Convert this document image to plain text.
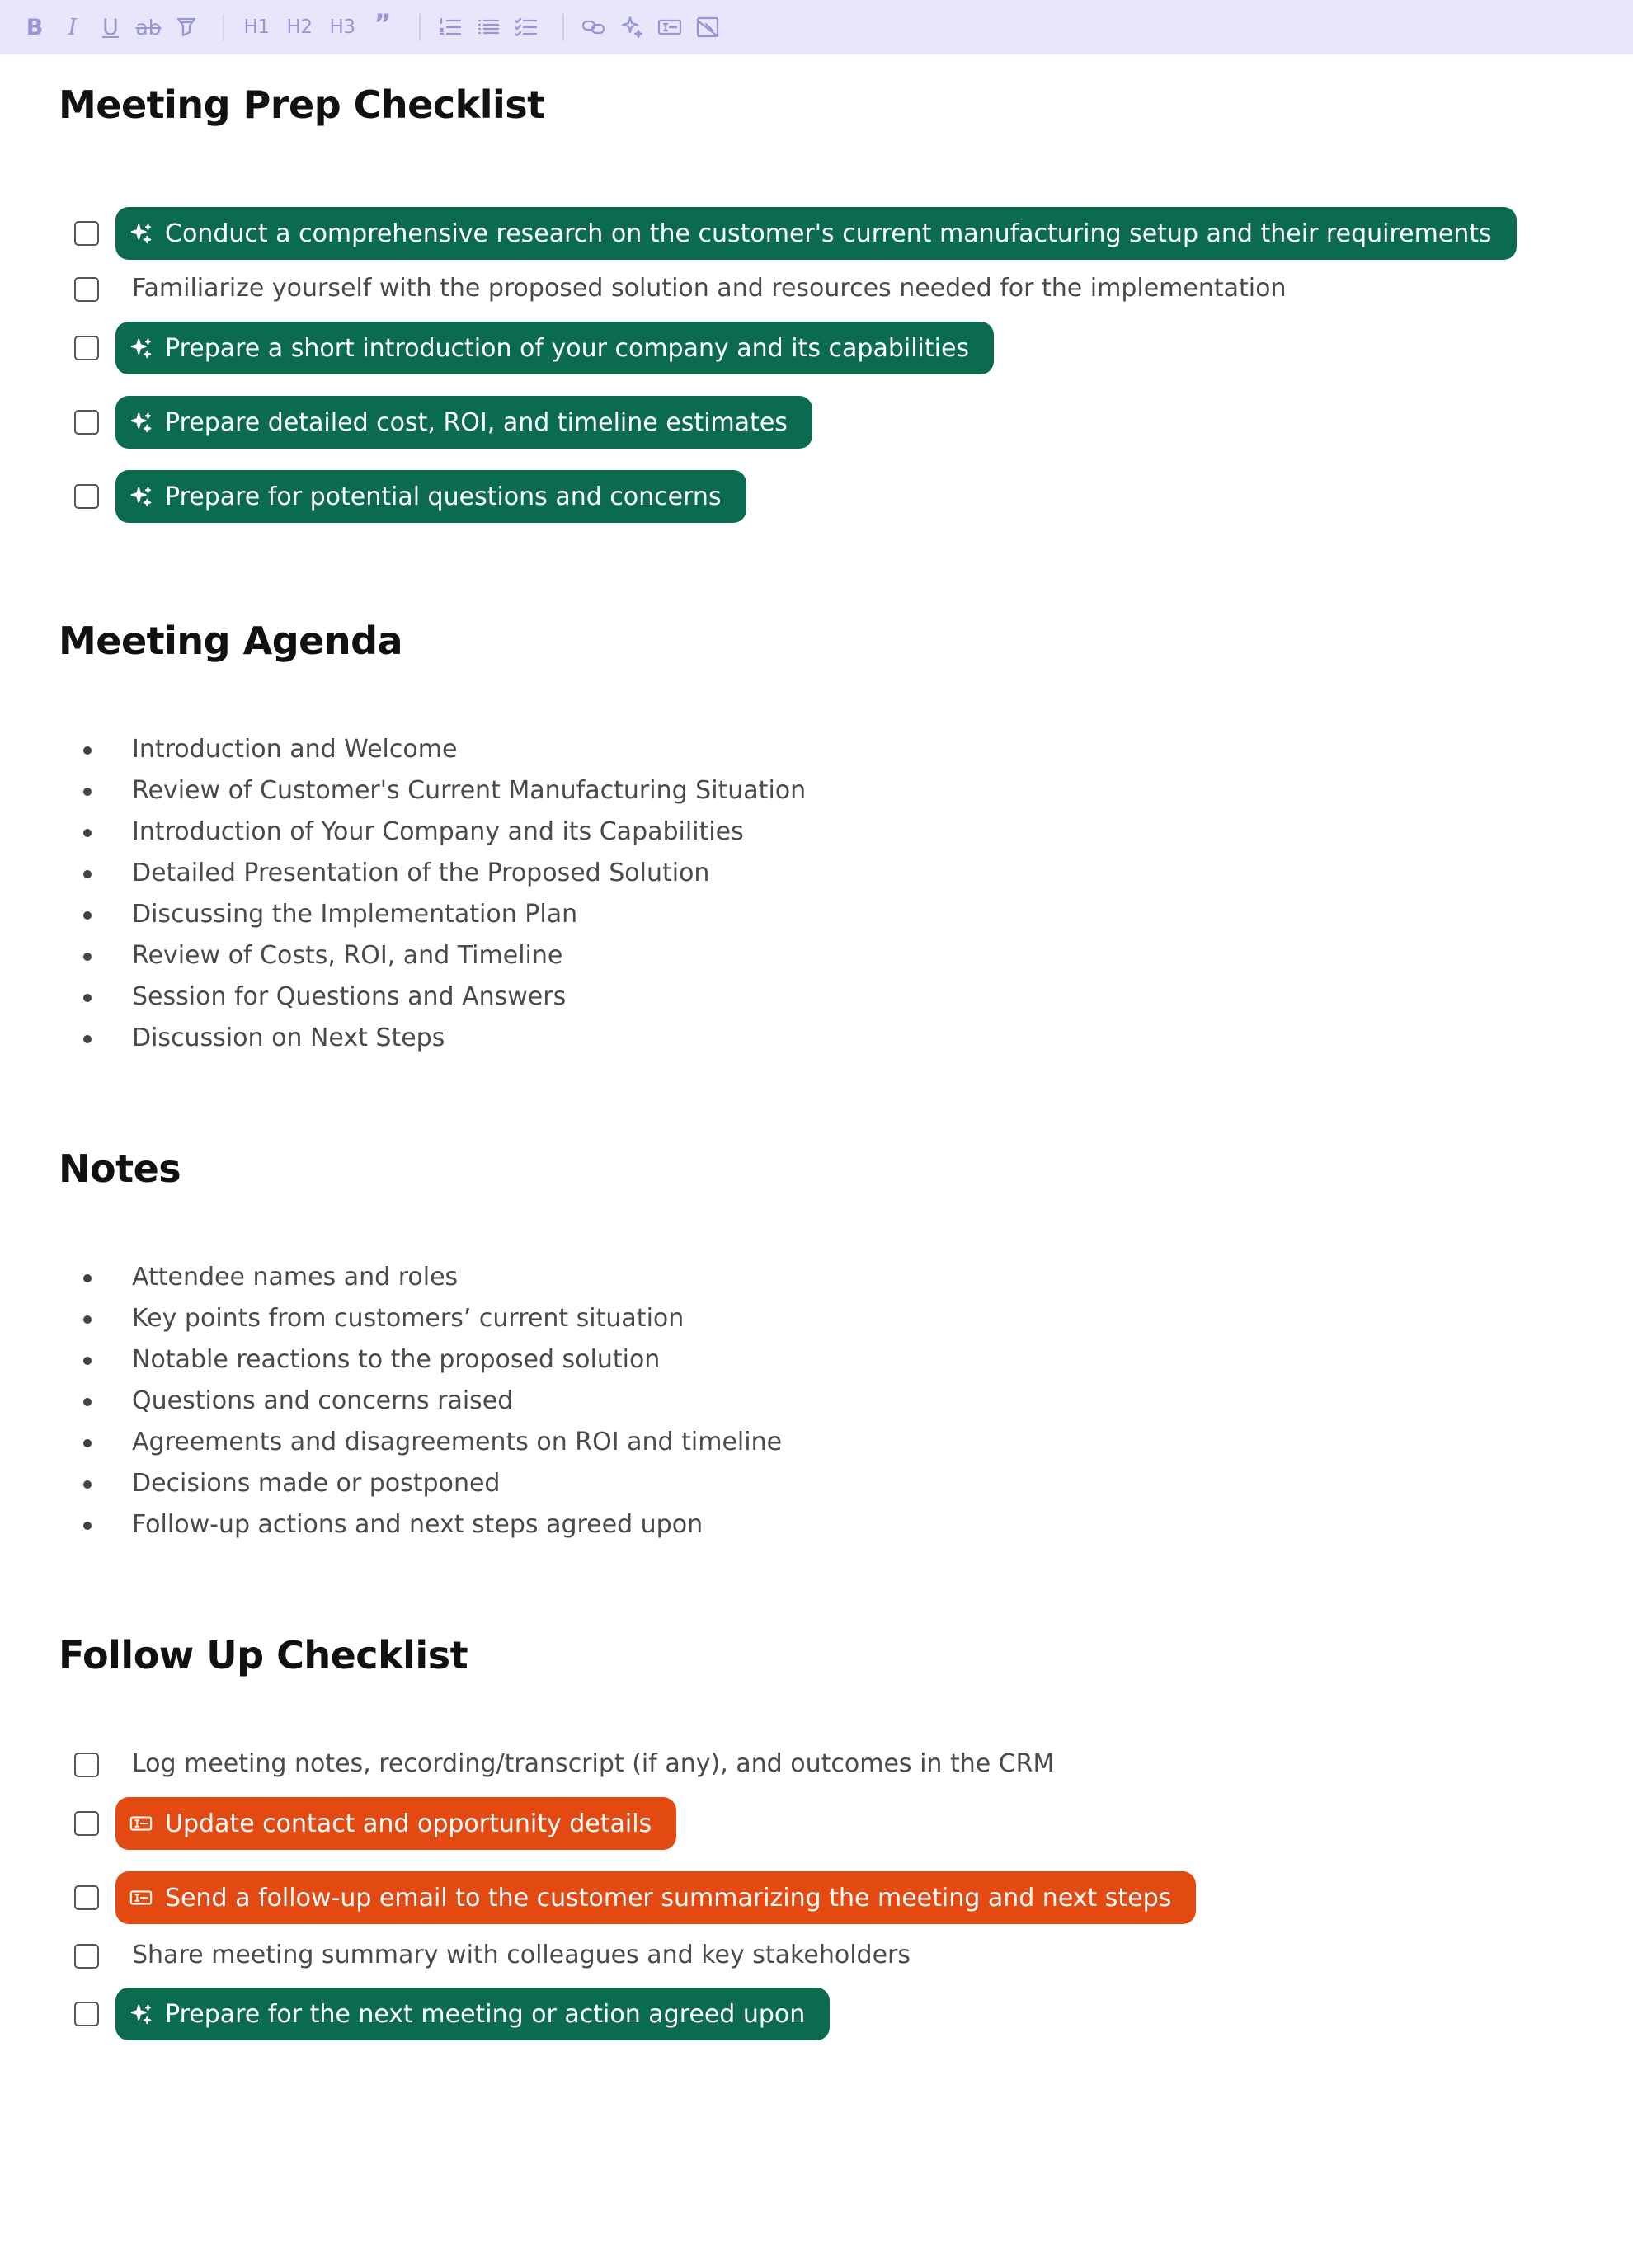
B I U ab	H1 H2 H3 ”
Meeting Prep Checklist
Conduct a comprehensive research on the customer's current manufacturing setup and their requirements
Familiarize yourself with the proposed solution and resources needed for the implementation
Prepare a short introduction of your company and its capabilities
Prepare detailed cost, ROI, and timeline estimates
Prepare for potential questions and concerns
Meeting Agenda
Introduction and Welcome
Review of Customer's Current Manufacturing Situation
Introduction of Your Company and its Capabilities
Detailed Presentation of the Proposed Solution
Discussing the Implementation Plan
Review of Costs, ROI, and Timeline
Session for Questions and Answers
Discussion on Next Steps
Notes
Attendee names and roles
Key points from customers’ current situation
Notable reactions to the proposed solution
Questions and concerns raised
Agreements and disagreements on ROI and timeline
Decisions made or postponed
Follow-up actions and next steps agreed upon
Follow Up Checklist
Log meeting notes, recording/transcript (if any), and outcomes in the CRM
Update contact and opportunity details
Send a follow-up email to the customer summarizing the meeting and next steps
Share meeting summary with colleagues and key stakeholders
Prepare for the next meeting or action agreed upon
